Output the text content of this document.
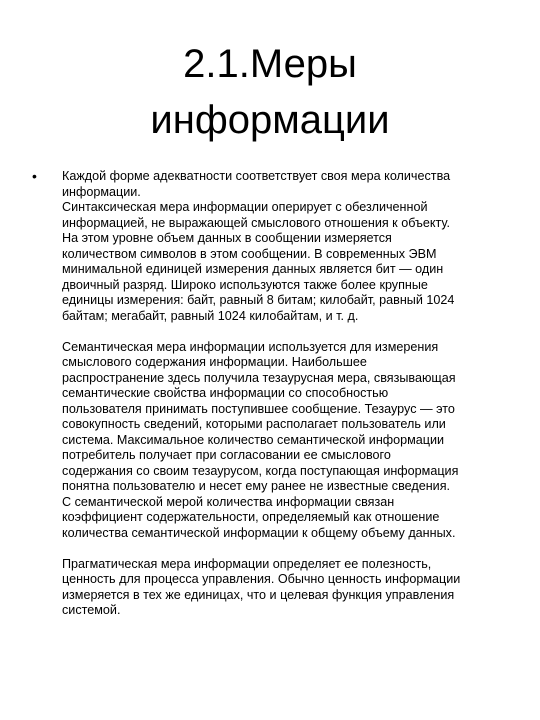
2.1.Меры
информации
• Каждой форме адекватности соответствует своя мера количества
информации.
Синтаксическая мера информации оперирует с обезличенной
информацией, не выражающей смыслового отношения к объекту.
На этом уровне объем данных в сообщении измеряется
количеством символов в этом сообщении. В современных ЭВМ
минимальной единицей измерения данных является бит — один
двоичный разряд. Широко используются также более крупные
единицы измерения: байт, равный 8 битам; килобайт, равный 1024
байтам; мегабайт, равный 1024 килобайтам, и т. д.

Семантическая мера информации используется для измерения
смыслового содержания информации. Наибольшее
распространение здесь получила тезаурусная мера, связывающая
семантические свойства информации со способностью
пользователя принимать поступившее сообщение. Тезаурус — это
совокупность сведений, которыми располагает пользователь или
система. Максимальное количество семантической информации
потребитель получает при согласовании ее смыслового
содержания со своим тезаурусом, когда поступающая информация
понятна пользователю и несет ему ранее не известные сведения.
С семантической мерой количества информации связан
коэффициент содержательности, определяемый как отношение
количества семантической информации к общему объему данных.

Прагматическая мера информации определяет ее полезность,
ценность для процесса управления. Обычно ценность информации
измеряется в тех же единицах, что и целевая функция управления
системой.
